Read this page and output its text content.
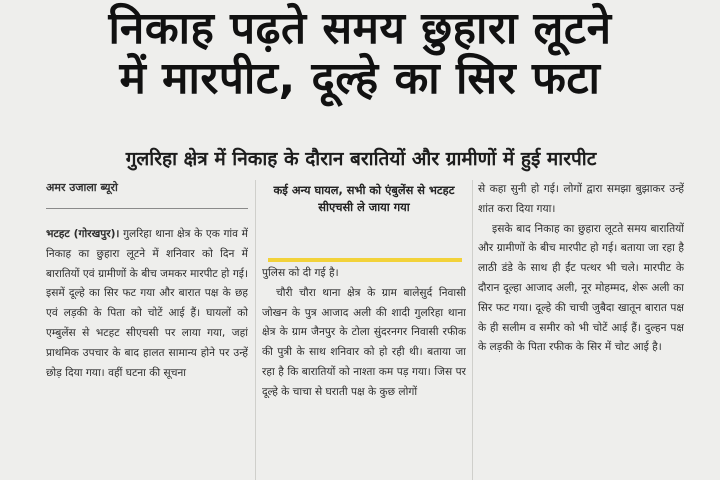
निकाह पढ़ते समय छुहारा लूटने
में मारपीट, दूल्हे का सिर फटा
गुलरिहा क्षेत्र में निकाह के दौरान बरातियों और ग्रामीणों में हुई मारपीट
अमर उजाला ब्यूरो
भटहट (गोरखपुर)। गुलरिहा थाना क्षेत्र के एक गांव में निकाह का छुहारा लूटने में शनिवार को दिन में बारातियों एवं ग्रामीणों के बीच जमकर मारपीट हो गई। इसमें दूल्हे का सिर फट गया और बारात पक्ष के छह एवं लड़की के पिता को चोटें आई हैं। घायलों को एम्बुलेंस से भटहट सीएचसी पर लाया गया, जहां प्राथमिक उपचार के बाद हालत सामान्य होने पर उन्हें छोड़ दिया गया। वहीं घटना की सूचना
कई अन्य घायल, सभी को एंबुलेंस से भटहट सीएचसी ले जाया गया
पुलिस को दी गई है।
चौरी चौरा थाना क्षेत्र के ग्राम बालेसुर्द निवासी जोखन के पुत्र आजाद अली की शादी गुलरिहा थाना क्षेत्र के ग्राम जैनपुर के टोला सुंदरनगर निवासी रफीक की पुत्री के साथ शनिवार को हो रही थी। बताया जा रहा है कि बारातियों को नाश्ता कम पड़ गया। जिस पर दूल्हे के चाचा से घराती पक्ष के कुछ लोगों
से कहा सुनी हो गई। लोगों द्वारा समझा बुझाकर उन्हें शांत करा दिया गया।
इसके बाद निकाह का छुहारा लूटते समय बारातियों और ग्रामीणों के बीच मारपीट हो गई। बताया जा रहा है लाठी डंडे के साथ ही ईंट पत्थर भी चले। मारपीट के दौरान दूल्हा आजाद अली, नूर मोहम्मद, शेरू अली का सिर फट गया। दूल्हे की चाची जुबैदा खातून बारात पक्ष के ही सलीम व समीर को भी चोटें आई हैं। दुल्हन पक्ष के लड़की के पिता रफीक के सिर में चोट आई है।
